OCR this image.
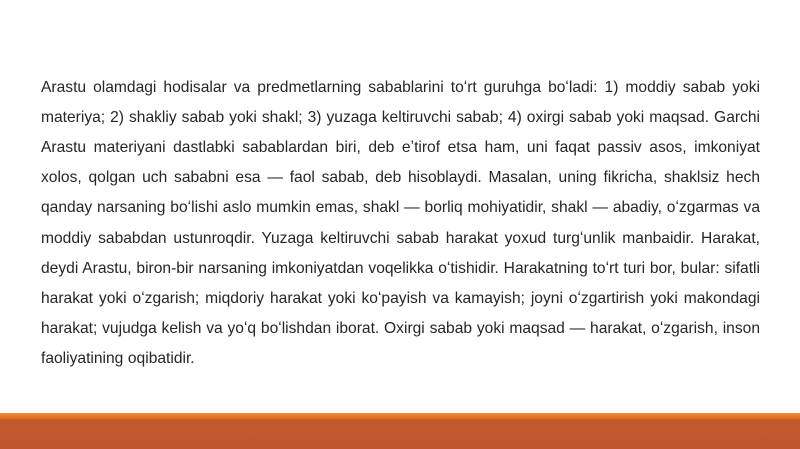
Arastu olamdagi hodisalar va predmetlarning sabablarini toʻrt guruhga boʻladi: 1) moddiy sabab yoki materiya; 2) shakliy sabab yoki shakl; 3) yuzaga keltiruvchi sabab; 4) oxirgi sabab yoki maqsad. Garchi Arastu materiyani dastlabki sabablardan biri, deb eʼtirof etsa ham, uni faqat passiv asos, imkoniyat xolos, qolgan uch sababni esa — faol sabab, deb hisoblaydi. Masalan, uning fikricha, shaklsiz hech qanday narsaning boʻlishi aslo mumkin emas, shakl — borliq mohiyatidir, shakl — abadiy, oʻzgarmas va moddiy sababdan ustunroqdir. Yuzaga keltiruvchi sabab harakat yoxud turgʻunlik manbaidir. Harakat, deydi Arastu, biron-bir narsaning imkoniyatdan voqelikka oʻtishidir. Harakatning toʻrt turi bor, bular: sifatli harakat yoki oʻzgarish; miqdoriy harakat yoki koʻpayish va kamayish; joyni oʻzgartirish yoki makondagi harakat; vujudga kelish va yoʻq boʻlishdan iborat. Oxirgi sabab yoki maqsad — harakat, oʻzgarish, inson faoliyatining oqibatidir.
